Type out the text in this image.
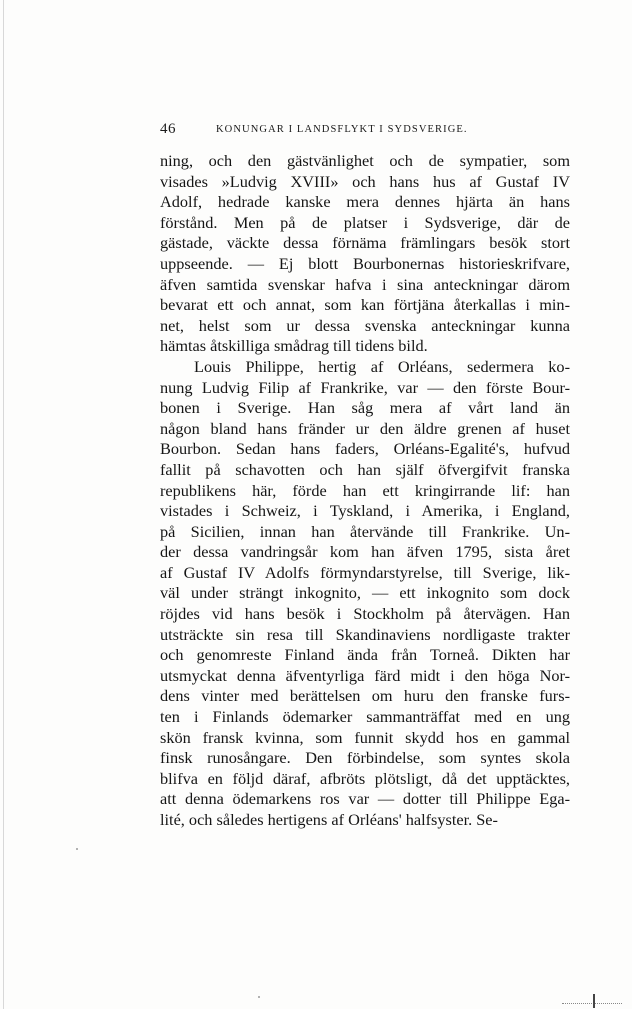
46	KONUNGAR I LANDSFLYKT I SYDSVERIGE.
ning, och den gästvänlighet och de sympatier, som
visades »Ludvig XVIII» och hans hus af Gustaf IV
Adolf, hedrade kanske mera dennes hjärta än hans
förstånd. Men på de platser i Sydsverige, där de
gästade, väckte dessa förnäma främlingars besök stort
uppseende. — Ej blott Bourbonernas historieskrifvare,
äfven samtida svenskar hafva i sina anteckningar därom
bevarat ett och annat, som kan förtjäna återkallas i min-
net, helst som ur dessa svenska anteckningar kunna
hämtas åtskilliga smådrag till tidens bild.
Louis Philippe, hertig af Orléans, sedermera ko-
nung Ludvig Filip af Frankrike, var — den förste Bour-
bonen i Sverige. Han såg mera af vårt land än
någon bland hans fränder ur den äldre grenen af huset
Bourbon. Sedan hans faders, Orléans-Egalité's, hufvud
fallit på schavotten och han själf öfvergifvit franska
republikens här, förde han ett kringirrande lif: han
vistades i Schweiz, i Tyskland, i Amerika, i England,
på Sicilien, innan han återvände till Frankrike. Un-
der dessa vandringsår kom han äfven 1795, sista året
af Gustaf IV Adolfs förmyndarstyrelse, till Sverige, lik-
väl under strängt inkognito, — ett inkognito som dock
röjdes vid hans besök i Stockholm på återvägen. Han
utsträckte sin resa till Skandinaviens nordligaste trakter
och genomreste Finland ända från Torneå. Dikten har
utsmyckat denna äfventyrliga färd midt i den höga Nor-
dens vinter med berättelsen om huru den franske furs-
ten i Finlands ödemarker sammanträffat med en ung
skön fransk kvinna, som funnit skydd hos en gammal
finsk runosångare. Den förbindelse, som syntes skola
blifva en följd däraf, afbröts plötsligt, då det upptäcktes,
att denna ödemarkens ros var — dotter till Philippe Ega-
lité, och således hertigens af Orléans' halfsyster. Se-
